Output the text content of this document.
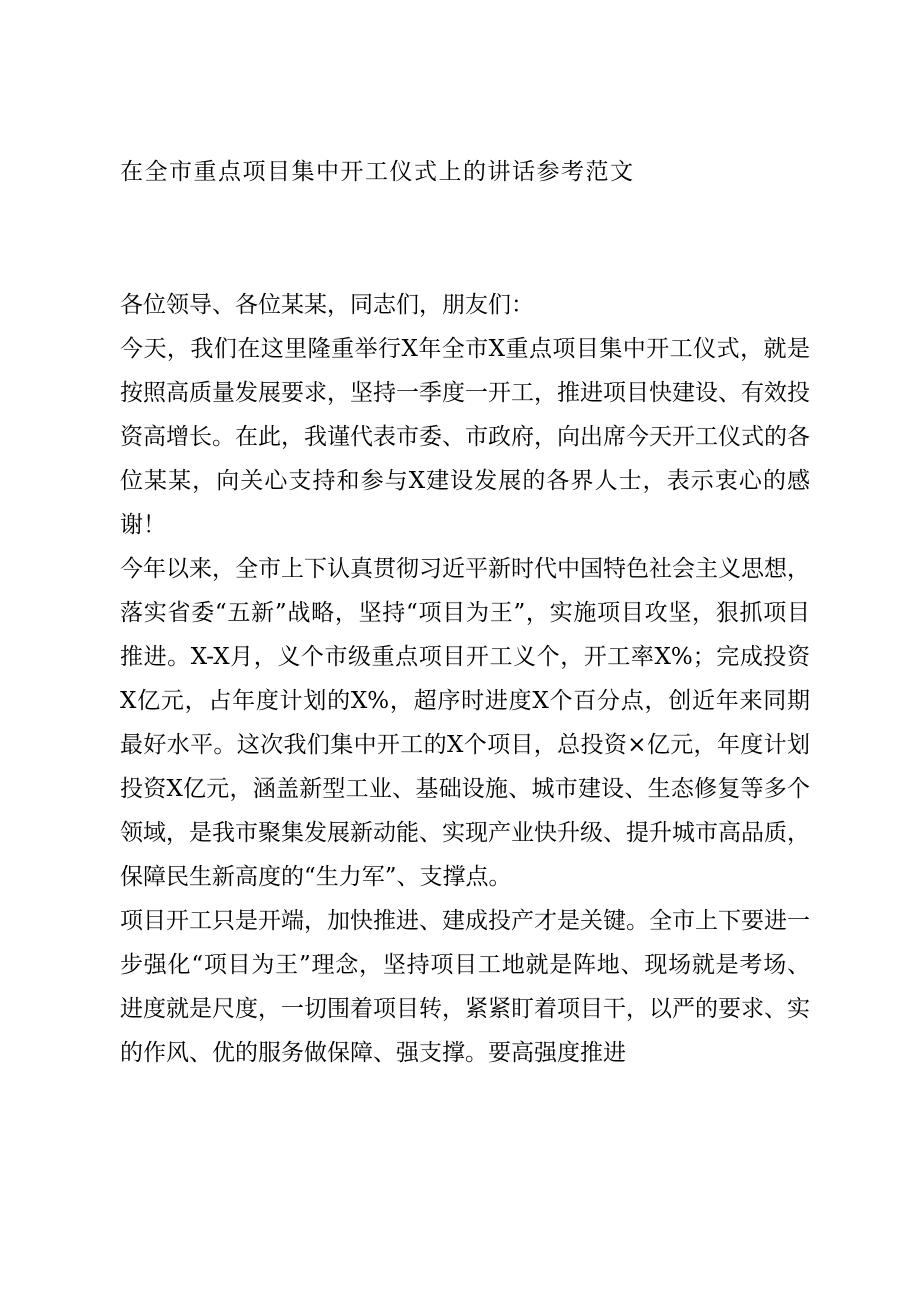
在全市重点项目集中开工仪式上的讲话参考范文

各位领导、各位某某，同志们，朋友们：

今天，我们在这里隆重举行X年全市X重点项目集中开工仪式，就是按照高质量发展要求，坚持一季度一开工，推进项目快建设、有效投资高增长。在此，我谨代表市委、市政府，向出席今天开工仪式的各位某某，向关心支持和参与X建设发展的各界人士，表示衷心的感谢！

今年以来，全市上下认真贯彻习近平新时代中国特色社会主义思想，落实省委“五新”战略，坚持“项目为王”，实施项目攻坚，狠抓项目推进。X-X月，义个市级重点项目开工义个，开工率X%；完成投资X亿元，占年度计划的X%，超序时进度X个百分点，创近年来同期最好水平。这次我们集中开工的X个项目，总投资×亿元，年度计划投资X亿元，涵盖新型工业、基础设施、城市建设、生态修复等多个领域，是我市聚集发展新动能、实现产业快升级、提升城市高品质，保障民生新高度的“生力军”、支撑点。

项目开工只是开端，加快推进、建成投产才是关键。全市上下要进一步强化“项目为王”理念，坚持项目工地就是阵地、现场就是考场、进度就是尺度，一切围着项目转，紧紧盯着项目干，以严的要求、实的作风、优的服务做保障、强支撑。要高强度推进
